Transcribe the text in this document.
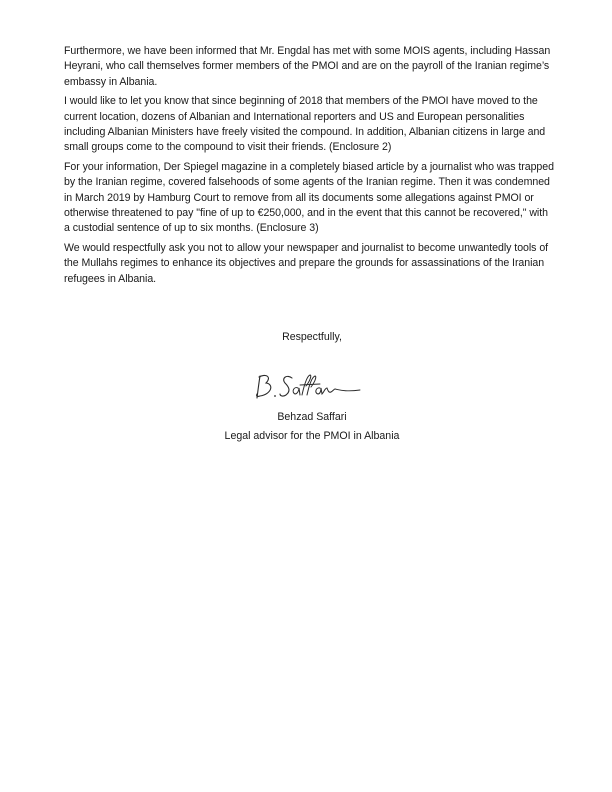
Furthermore, we have been informed that Mr. Engdal has met with some MOIS agents, including Hassan Heyrani, who call themselves former members of the PMOI and are on the payroll of the Iranian regime’s embassy in Albania.

I would like to let you know that since beginning of 2018 that members of the PMOI have moved to the current location, dozens of Albanian and International reporters and US and European personalities including Albanian Ministers have freely visited the compound. In addition, Albanian citizens in large and small groups come to the compound to visit their friends. (Enclosure 2)

For your information, Der Spiegel magazine in a completely biased article by a journalist who was trapped by the Iranian regime, covered falsehoods of some agents of the Iranian regime. Then it was condemned in March 2019 by Hamburg Court to remove from all its documents some allegations against PMOI or otherwise threatened to pay "fine of up to €250,000, and in the event that this cannot be recovered," with a custodial sentence of up to six months. (Enclosure 3)

We would respectfully ask you not to allow your newspaper and journalist to become unwantedly tools of the Mullahs regimes to enhance its objectives and prepare the grounds for assassinations of the Iranian refugees in Albania.

Respectfully,
Behzad Saffari
Legal advisor for the PMOI in Albania
